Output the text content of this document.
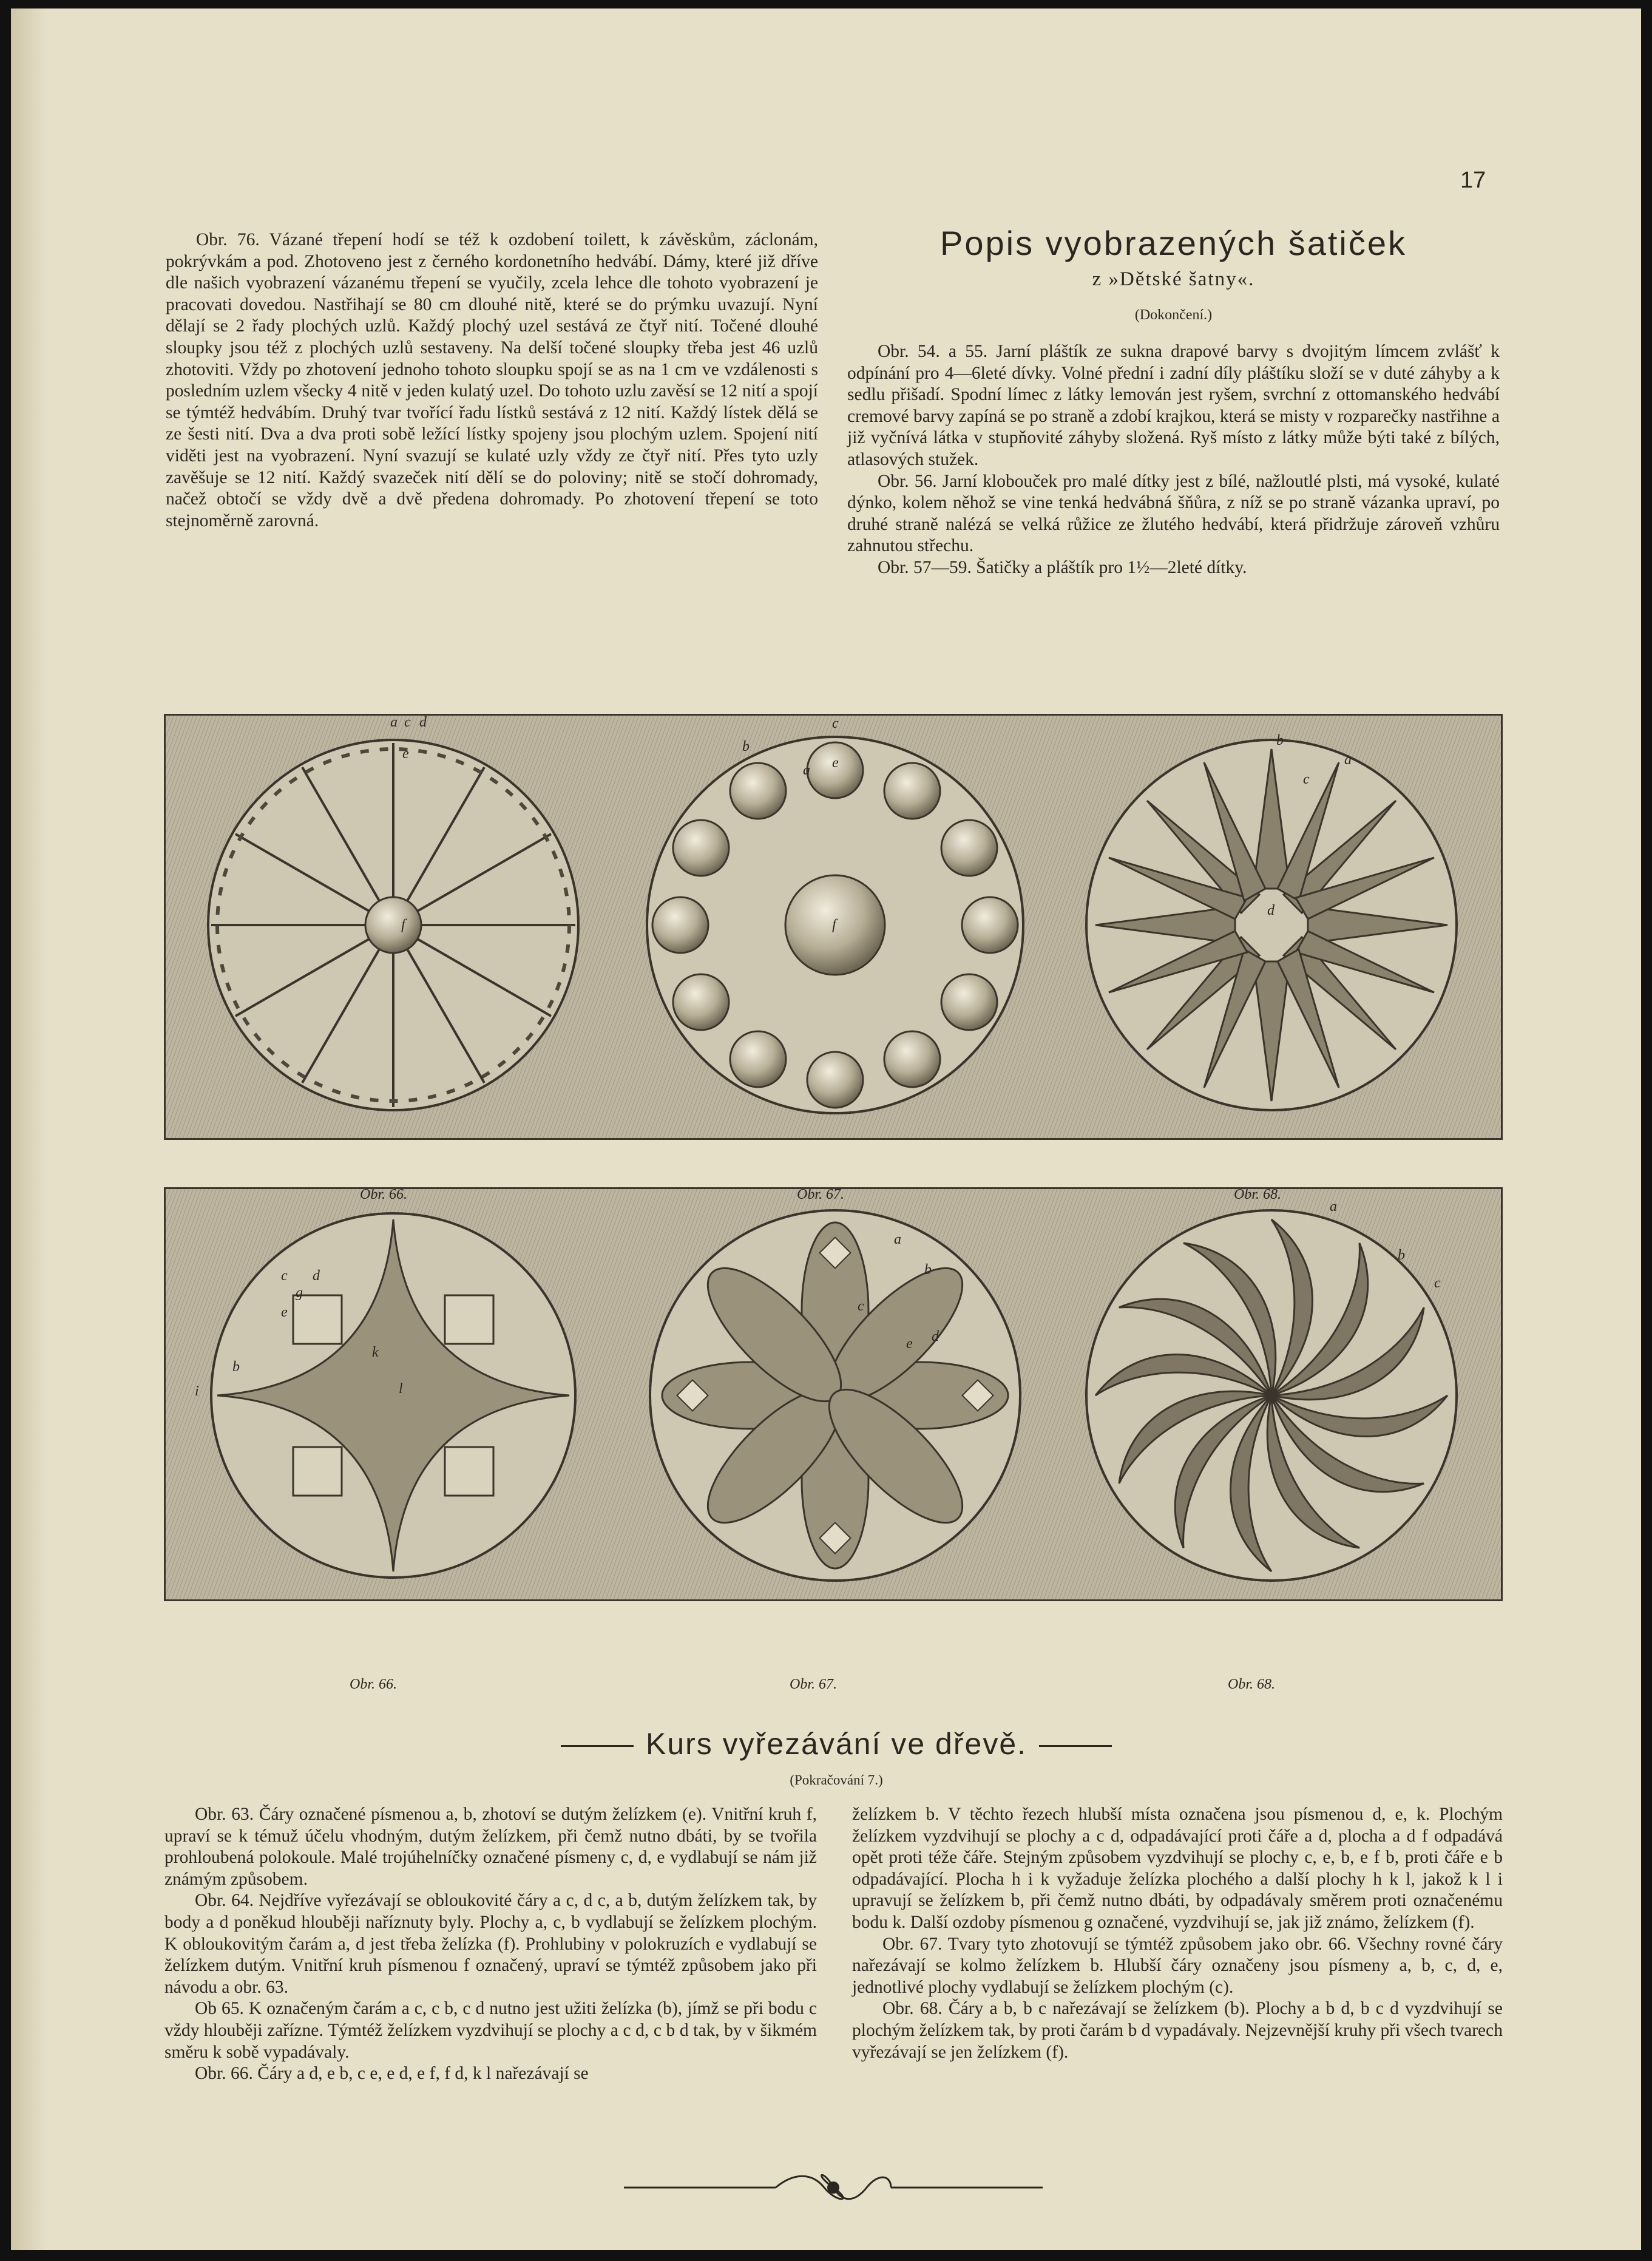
17

Obr. 76. Vázané třepení hodí se též k ozdobení toilett, k závěskům, záclonám, pokrývkám a pod. Zhotoveno jest z černého kordonetního hedvábí. Dámy, které již dříve dle našich vyobrazení vázanému třepení se vyučily, zcela lehce dle tohoto vyobrazení je pracovati dovedou. Nastřihají se 80 cm dlouhé nitě, které se do prýmku uvazují. Nyní dělají se 2 řady plochých uzlů. Každý plochý uzel sestává ze čtyř nití. Točené dlouhé sloupky jsou též z plochých uzlů sestaveny. Na delší točené sloupky třeba jest 46 uzlů zhotoviti. Vždy po zhotovení jednoho tohoto sloupku spojí se as na 1 cm ve vzdálenosti s posledním uzlem všecky 4 nitě v jeden kulatý uzel. Do tohoto uzlu zavěsí se 12 nití a spojí se týmtéž hedvábím. Druhý tvar tvořící řadu lístků sestává z 12 nití. Každý lístek dělá se ze šesti nití. Dva a dva proti sobě ležící lístky spojeny jsou plochým uzlem. Spojení nití viděti jest na vyobrazení. Nyní svazují se kulaté uzly vždy ze čtyř nití. Přes tyto uzly zavěšuje se 12 nití. Každý svazeček nití dělí se do poloviny; nitě se stočí dohromady, načež obtočí se vždy dvě a dvě předena dohromady. Po zhotovení třepení se toto stejnoměrně zarovná.

Popis vyobrazených šatiček
z »Dětské šatny«.
(Dokončení.)

Obr. 54. a 55. Jarní pláštík ze sukna drapové barvy s dvojitým límcem zvlášť k odpínání pro 4—6leté dívky. Volné přední i zadní díly pláštíku složí se v duté záhyby a k sedlu přišadí. Spodní límec z látky lemován jest ryšem, svrchní z ottomanského hedvábí cremové barvy zapíná se po straně a zdobí krajkou, která se misty v rozparečky nastřihne a již vyčnívá látka v stupňovité záhyby složená. Ryš místo z látky může býti také z bílých, atlasových stužek.

Obr. 56. Jarní klobouček pro malé dítky jest z bílé, nažloutlé plsti, má vysoké, kulaté dýnko, kolem něhož se vine tenká hedvábná šňůra, z níž se po straně vázanka upraví, po druhé straně nalézá se velká růžice ze žlutého hedvábí, která přidržuje zároveň vzhůru zahnutou střechu.

Obr. 57—59. Šatičky a pláštík pro 1½—2leté dítky.

a c d
e
f
b
c
e
a
f
b
a
c
d
Obr. 66.
c
g
d
e
b
i
k
l
Obr. 67.
a
b
c
d
e
Obr. 68.
a
b
c
Obr. 66.	Obr. 67.	Obr. 68.
Kurs vyřezávání ve dřevě.
(Pokračování 7.)

Obr. 63. Čáry označené písmenou a, b, zhotoví se dutým želízkem (e). Vnitřní kruh f, upraví se k témuž účelu vhodným, dutým želízkem, při čemž nutno dbáti, by se tvořila prohloubená polokoule. Malé trojúhelníčky označené písmeny c, d, e vydlabují se nám již známým způsobem.

Obr. 64. Nejdříve vyřezávají se obloukovité čáry a c, d c, a b, dutým želízkem tak, by body a d poněkud hlouběji naříznuty byly. Plochy a, c, b vydlabují se želízkem plochým. K obloukovitým čarám a, d jest třeba želízka (f). Prohlubiny v polokruzích e vydlabují se želízkem dutým. Vnitřní kruh písmenou f označený, upraví se týmtéž způsobem jako při návodu a obr. 63.

Ob 65. K označeným čarám a c, c b, c d nutno jest užiti želízka (b), jímž se při bodu c vždy hlouběji zaříznе. Týmtéž želízkem vyzdvihují se plochy a c d, c b d tak, by v šikmém směru k sobě vypadávaly.

Obr. 66. Čáry a d, e b, c e, e d, e f, f d, k l nařezávají se

želízkem b. V těchto řezech hlubší místa označena jsou písmenou d, e, k. Plochým želízkem vyzdvihují se plochy a c d, odpadávající proti čáře a d, plocha a d f odpadává opět proti téže čáře. Stejným způsobem vyzdvihují se plochy c, e, b, e f b, proti čáře e b odpadávající. Plocha h i k vyžaduje želízka plochého a další plochy h k l, jakož k l i upravují se želízkem b, při čemž nutno dbáti, by odpadávaly směrem proti označenému bodu k. Další ozdoby písmenou g označené, vyzdvihují se, jak již známo, želízkem (f).

Obr. 67. Tvary tyto zhotovují se týmtéž způsobem jako obr. 66. Všechny rovné čáry nařezávají se kolmo želízkem b. Hlubší čáry označeny jsou písmeny a, b, c, d, e, jednotlivé plochy vydlabují se želízkem plochým (c).

Obr. 68. Čáry a b, b c nařezávají se želízkem (b). Plochy a b d, b c d vyzdvihují se plochým želízkem tak, by proti čarám b d vypadávaly. Nejzevnější kruhy při všech tvarech vyřezávají se jen želízkem (f).
